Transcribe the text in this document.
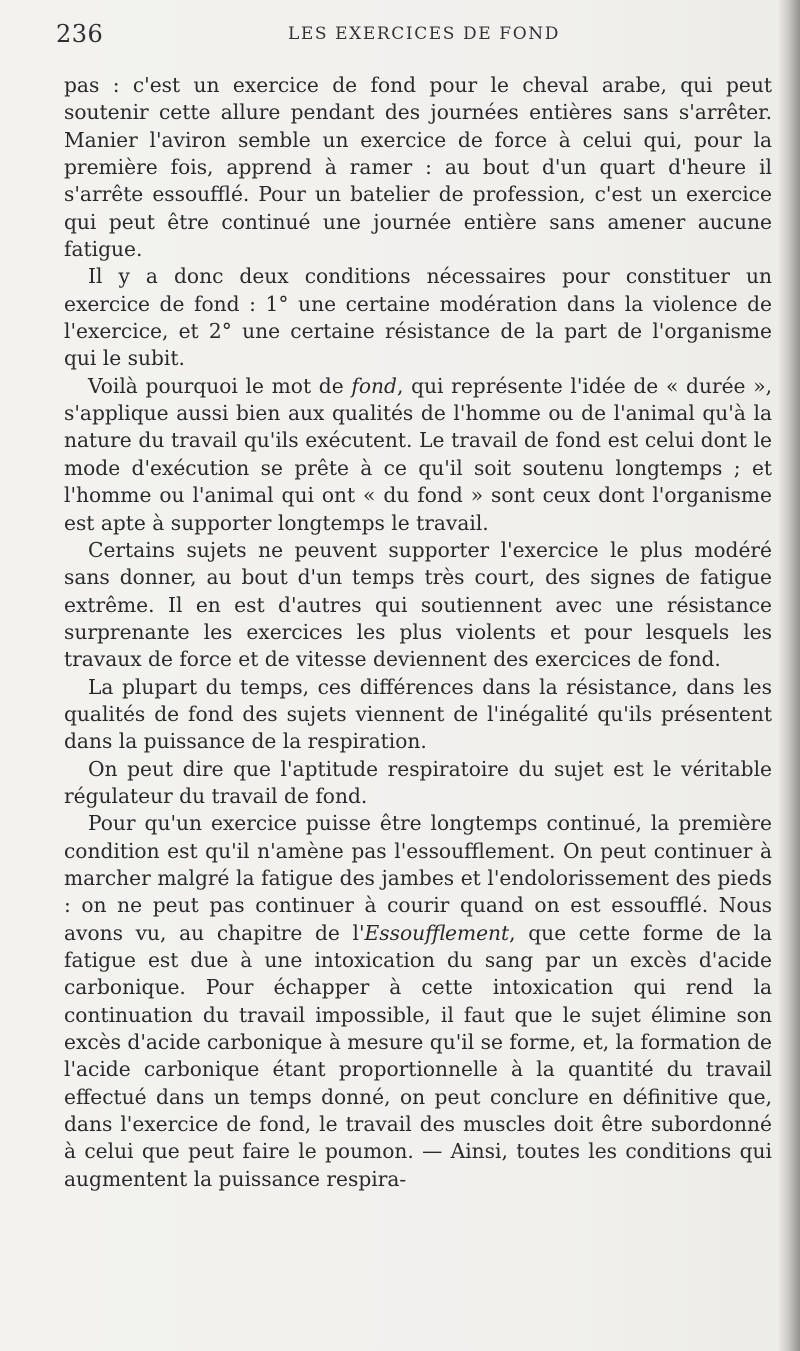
236	LES EXERCICES DE FOND

pas : c'est un exercice de fond pour le cheval arabe, qui peut soutenir cette allure pendant des journées entières sans s'arrêter. Manier l'aviron semble un exercice de force à celui qui, pour la première fois, apprend à ramer : au bout d'un quart d'heure il s'arrête essoufflé. Pour un batelier de profession, c'est un exercice qui peut être continué une journée entière sans amener aucune fatigue.

Il y a donc deux conditions nécessaires pour constituer un exercice de fond : 1° une certaine modération dans la violence de l'exercice, et 2° une certaine résistance de la part de l'organisme qui le subit.

Voilà pourquoi le mot de fond, qui représente l'idée de « durée », s'applique aussi bien aux qualités de l'homme ou de l'animal qu'à la nature du travail qu'ils exécutent. Le travail de fond est celui dont le mode d'exécution se prête à ce qu'il soit soutenu longtemps ; et l'homme ou l'animal qui ont « du fond » sont ceux dont l'organisme est apte à supporter longtemps le travail.

Certains sujets ne peuvent supporter l'exercice le plus modéré sans donner, au bout d'un temps très court, des signes de fatigue extrême. Il en est d'autres qui soutiennent avec une résistance surprenante les exercices les plus violents et pour lesquels les travaux de force et de vitesse deviennent des exercices de fond.

La plupart du temps, ces différences dans la résistance, dans les qualités de fond des sujets viennent de l'inégalité qu'ils présentent dans la puissance de la respiration.

On peut dire que l'aptitude respiratoire du sujet est le véritable régulateur du travail de fond.

Pour qu'un exercice puisse être longtemps continué, la première condition est qu'il n'amène pas l'essoufflement. On peut continuer à marcher malgré la fatigue des jambes et l'endolorissement des pieds : on ne peut pas continuer à courir quand on est essoufflé. Nous avons vu, au chapitre de l'Essoufflement, que cette forme de la fatigue est due à une intoxication du sang par un excès d'acide carbonique. Pour échapper à cette intoxication qui rend la continuation du travail impossible, il faut que le sujet élimine son excès d'acide carbonique à mesure qu'il se forme, et, la formation de l'acide carbonique étant proportionnelle à la quantité du travail effectué dans un temps donné, on peut conclure en définitive que, dans l'exercice de fond, le travail des muscles doit être subordonné à celui que peut faire le poumon. — Ainsi, toutes les conditions qui augmentent la puissance respira-
